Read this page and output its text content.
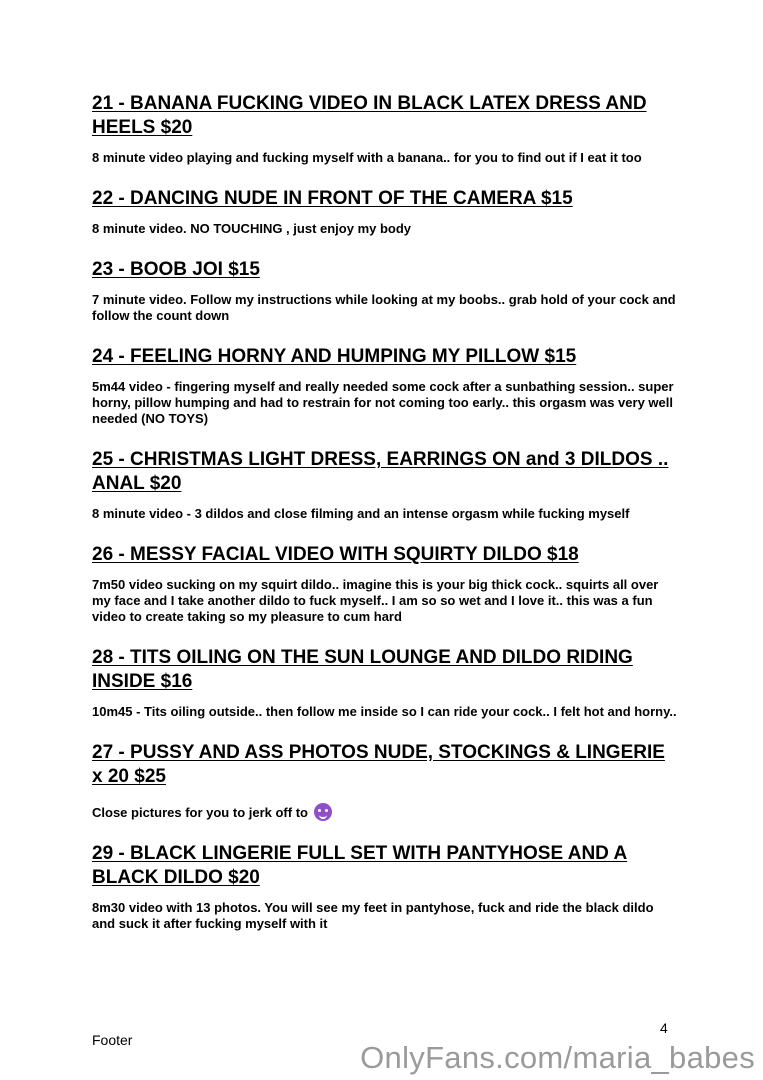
21 - BANANA FUCKING VIDEO IN BLACK LATEX DRESS AND HEELS $20

8 minute video playing and fucking myself with a banana.. for you to find out if I eat it too

22 - DANCING NUDE IN FRONT OF THE CAMERA $15

8 minute video. NO TOUCHING , just enjoy my body

23 - BOOB JOI $15

7 minute video. Follow my instructions while looking at my boobs.. grab hold of your cock and follow the count down

24 - FEELING HORNY AND HUMPING MY PILLOW $15

5m44 video - fingering myself and really needed some cock after a sunbathing session.. super horny, pillow humping and had to restrain for not coming too early.. this orgasm was very well needed (NO TOYS)

25 - CHRISTMAS LIGHT DRESS, EARRINGS ON and 3 DILDOS .. ANAL $20

8 minute video - 3 dildos and close filming and an intense orgasm while fucking myself

26 - MESSY FACIAL VIDEO WITH SQUIRTY DILDO $18

7m50 video sucking on my squirt dildo.. imagine this is your big thick cock.. squirts all over my face and I take another dildo to fuck myself.. I am so so wet and I love it.. this was a fun video to create taking so my pleasure to cum hard

28 - TITS OILING ON THE SUN LOUNGE AND DILDO RIDING INSIDE $16

10m45 - Tits oiling outside.. then follow me inside so I can ride your cock.. I felt hot and horny..

27 - PUSSY AND ASS PHOTOS NUDE, STOCKINGS & LINGERIE x 20 $25

Close pictures for you to jerk off to

29 - BLACK LINGERIE FULL SET WITH PANTYHOSE AND A BLACK DILDO $20

8m30 video with 13 photos. You will see my feet in pantyhose, fuck and ride the black dildo and suck it after fucking myself with it

Footer
4
OnlyFans.com/maria_babes
